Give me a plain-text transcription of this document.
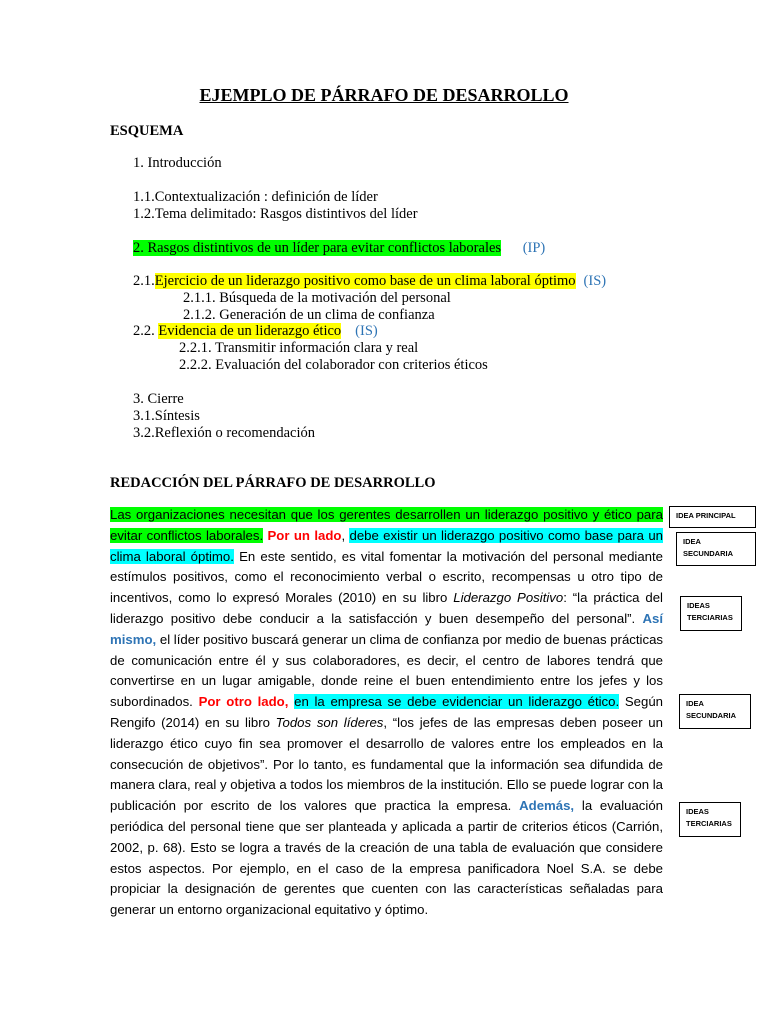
EJEMPLO DE PÁRRAFO DE DESARROLLO
ESQUEMA
1. Introducción
1.1.Contextualización : definición de líder
1.2.Tema delimitado: Rasgos distintivos del líder
2. Rasgos distintivos de un líder para evitar conflictos laborales (IP)
2.1.Ejercicio de un liderazgo positivo como base de un clima laboral óptimo (IS)
2.1.1. Búsqueda de la motivación del personal
2.1.2. Generación de un clima de confianza
2.2. Evidencia de un liderazgo ético (IS)
2.2.1. Transmitir información clara y real
2.2.2. Evaluación del colaborador con criterios éticos
3. Cierre
3.1.Síntesis
3.2.Reflexión o recomendación
REDACCIÓN DEL PÁRRAFO DE DESARROLLO
Las organizaciones necesitan que los gerentes desarrollen un liderazgo positivo y ético para evitar conflictos laborales. Por un lado, debe existir un liderazgo positivo como base para un clima laboral óptimo. En este sentido, es vital fomentar la motivación del personal mediante estímulos positivos, como el reconocimiento verbal o escrito, recompensas u otro tipo de incentivos, como lo expresó Morales (2010) en su libro Liderazgo Positivo: “la práctica del liderazgo positivo debe conducir a la satisfacción y buen desempeño del personal”. Así mismo, el líder positivo buscará generar un clima de confianza por medio de buenas prácticas de comunicación entre él y sus colaboradores, es decir, el centro de labores tendrá que convertirse en un lugar amigable, donde reine el buen entendimiento entre los jefes y los subordinados. Por otro lado, en la empresa se debe evidenciar un liderazgo ético. Según Rengifo (2014) en su libro Todos son líderes, “los jefes de las empresas deben poseer un liderazgo ético cuyo fin sea promover el desarrollo de valores entre los empleados en la consecución de objetivos”. Por lo tanto, es fundamental que la información sea difundida de manera clara, real y objetiva a todos los miembros de la institución. Ello se puede lograr con la publicación por escrito de los valores que practica la empresa. Además, la evaluación periódica del personal tiene que ser planteada y aplicada a partir de criterios éticos (Carrión, 2002, p. 68). Esto se logra a través de la creación de una tabla de evaluación que considere estos aspectos. Por ejemplo, en el caso de la empresa panificadora Noel S.A. se debe propiciar la designación de gerentes que cuenten con las características señaladas para generar un entorno organizacional equitativo y óptimo.
IDEA PRINCIPAL
IDEA SECUNDARIA
IDEAS TERCIARIAS
IDEA SECUNDARIA
IDEAS TERCIARIAS
